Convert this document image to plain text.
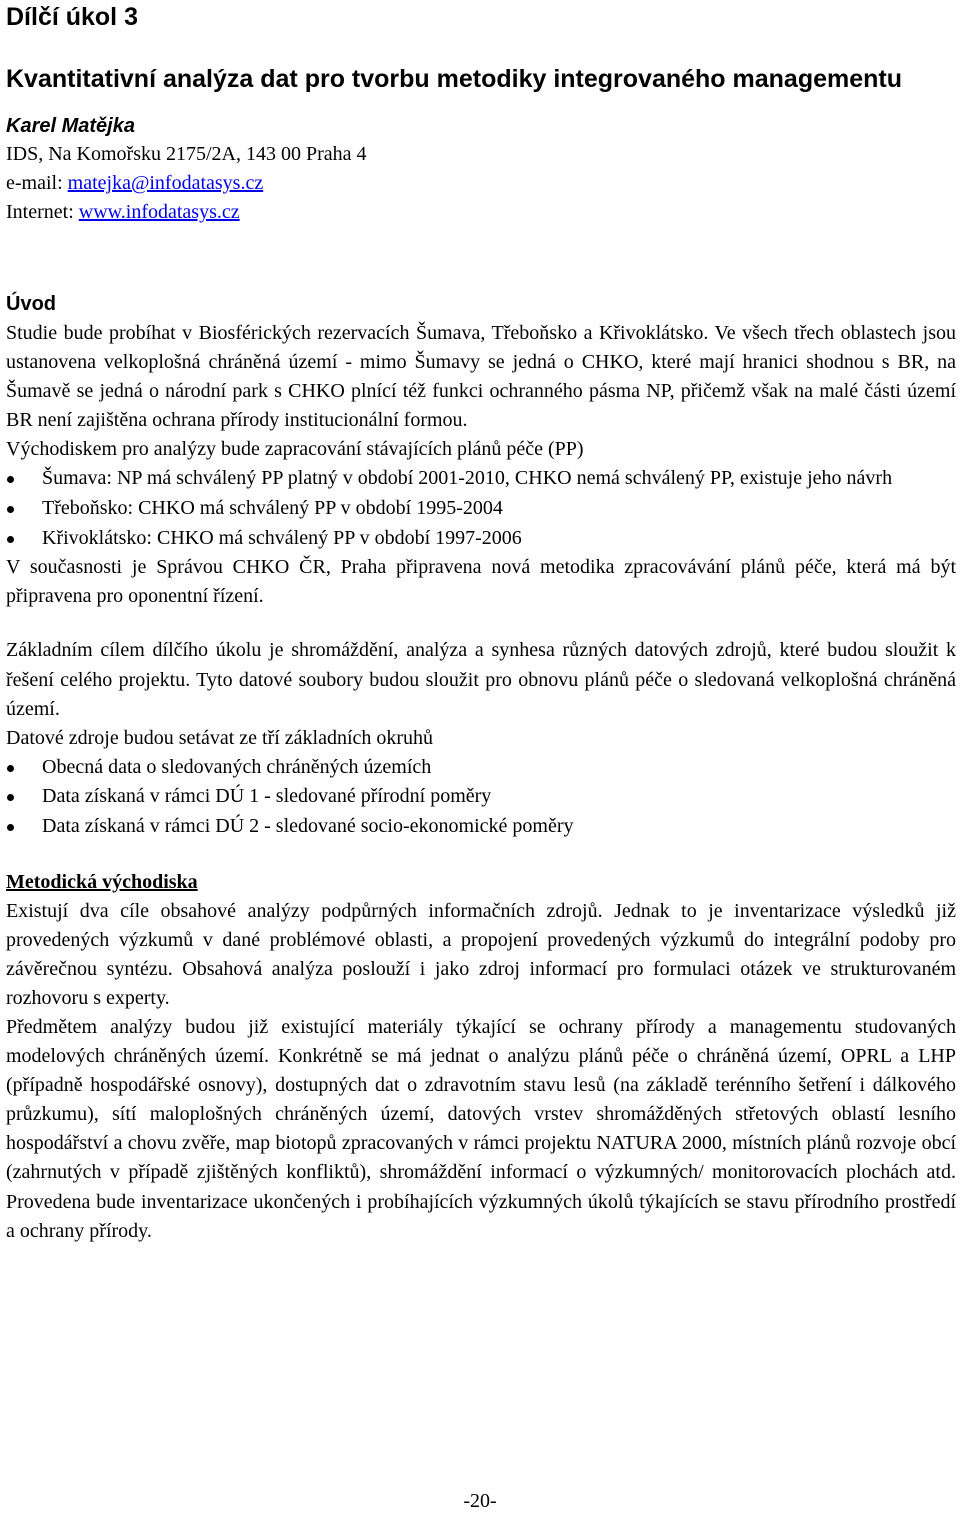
Dílčí úkol 3
Kvantitativní analýza dat pro tvorbu metodiky integrovaného managementu

Karel Matějka

IDS, Na Komořsku 2175/2A, 143 00 Praha 4

e-mail: matejka@infodatasys.cz

Internet: www.infodatasys.cz

Úvod

Studie bude probíhat v Biosférických rezervacích Šumava, Třeboňsko a Křivoklátsko. Ve všech třech oblastech jsou ustanovena velkoplošná chráněná území - mimo Šumavy se jedná o CHKO, které mají hranici shodnou s BR, na Šumavě se jedná o národní park s CHKO plnící též funkci ochranného pásma NP, přičemž však na malé části území BR není zajištěna ochrana přírody institucionální formou.

Východiskem pro analýzy bude zapracování stávajících plánů péče (PP)

Šumava: NP má schválený PP platný v období 2001-2010, CHKO nemá schválený PP, existuje jeho návrh
Třeboňsko: CHKO má schválený PP v období 1995-2004
Křivoklátsko: CHKO má schválený PP v období 1997-2006

V současnosti je Správou CHKO ČR, Praha připravena nová metodika zpracovávání plánů péče, která má být připravena pro oponentní řízení.

Základním cílem dílčího úkolu je shromáždění, analýza a synhesa různých datových zdrojů, které budou sloužit k řešení celého projektu. Tyto datové soubory budou sloužit pro obnovu plánů péče o sledovaná velkoplošná chráněná území.

Datové zdroje budou setávat ze tří základních okruhů

Obecná data o sledovaných chráněných územích
Data získaná v rámci DÚ 1 - sledované přírodní poměry
Data získaná v rámci DÚ 2 - sledované socio-ekonomické poměry
Metodická východiska

Existují dva cíle obsahové analýzy podpůrných informačních zdrojů. Jednak to je inventarizace výsledků již provedených výzkumů v dané problémové oblasti, a propojení provedených výzkumů do integrální podoby pro závěrečnou syntézu. Obsahová analýza poslouží i jako zdroj informací pro formulaci otázek ve strukturovaném rozhovoru s experty.

Předmětem analýzy budou již existující materiály týkající se ochrany přírody a managementu studovaných modelových chráněných území. Konkrétně se má jednat o analýzu plánů péče o chráněná území, OPRL a LHP (případně hospodářské osnovy), dostupných dat o zdravotním stavu lesů (na základě terénního šetření i dálkového průzkumu), sítí maloplošných chráněných území, datových vrstev shromážděných střetových oblastí lesního hospodářství a chovu zvěře, map biotopů zpracovaných v rámci projektu NATURA 2000, místních plánů rozvoje obcí (zahrnutých v případě zjištěných konfliktů), shromáždění informací o výzkumných/ monitorovacích plochách atd. Provedena bude inventarizace ukončených i probíhajících výzkumných úkolů týkajících se stavu přírodního prostředí a ochrany přírody.

-20-
